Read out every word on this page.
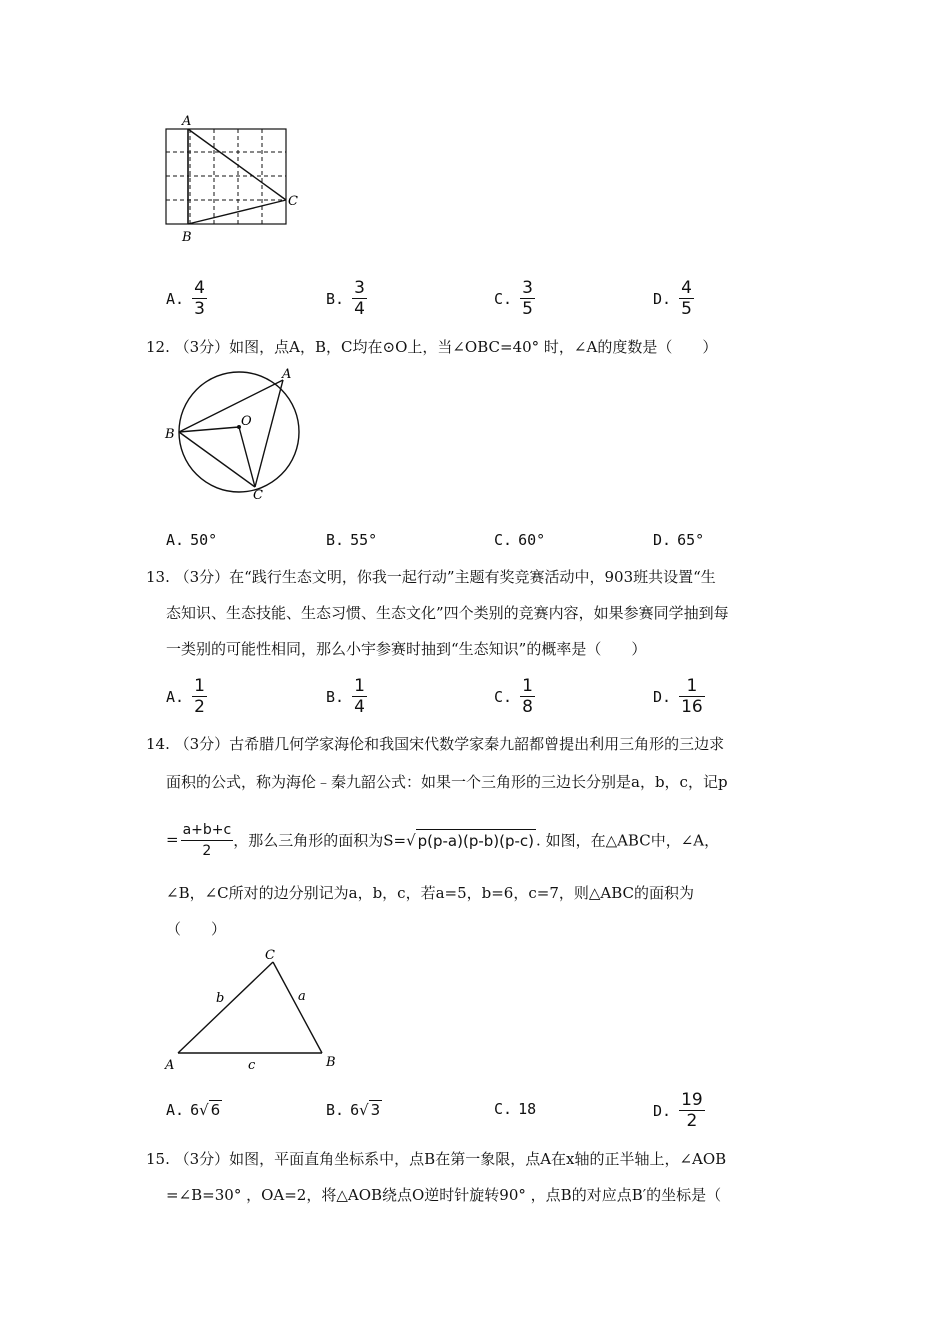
A
B
C
A. $\frac{4}{3}$	B. $\frac{3}{4}$	C. $\frac{3}{5}$	D. $\frac{4}{5}$
12. （3分）如图，点A，B，C均在⊙O上，当∠OBC=40° 时，∠A的度数是（　　）
A
B
C
O
A. 50°	B. 55°	C. 60°	D. 65°
13. （3分）在“践行生态文明，你我一起行动”主题有奖竞赛活动中，903班共设置“生
态知识、生态技能、生态习惯、生态文化”四个类别的竞赛内容，如果参赛同学抽到每
一类别的可能性相同，那么小宇参赛时抽到“生态知识”的概率是（　　）
A. $\frac{1}{2}$	B. $\frac{1}{4}$	C. $\frac{1}{8}$	D. $\frac{1}{16}$
14. （3分）古希腊几何学家海伦和我国宋代数学家秦九韶都曾提出利用三角形的三边求
面积的公式，称为海伦﹣秦九韶公式：如果一个三角形的三边长分别是a，b，c，记p
= $\frac{a+b+c}{2}$ ，那么三角形的面积为S=√ p(p-a)(p-b)(p-c) . 如图，在△ABC中，∠A，
∠B，∠C所对的边分别记为a，b，c，若a=5，b=6，c=7，则△ABC的面积为
（　　）
A	B
C
b	a
c
A. 6√ 6	B. 6√ 3	C. 18	D. $\frac{19}{2}$
15. （3分）如图，平面直角坐标系中，点B在第一象限，点A在x轴的正半轴上，∠AOB
=∠B=30° ，OA=2，将△AOB绕点O逆时针旋转90° ，点B的对应点B′的坐标是（
